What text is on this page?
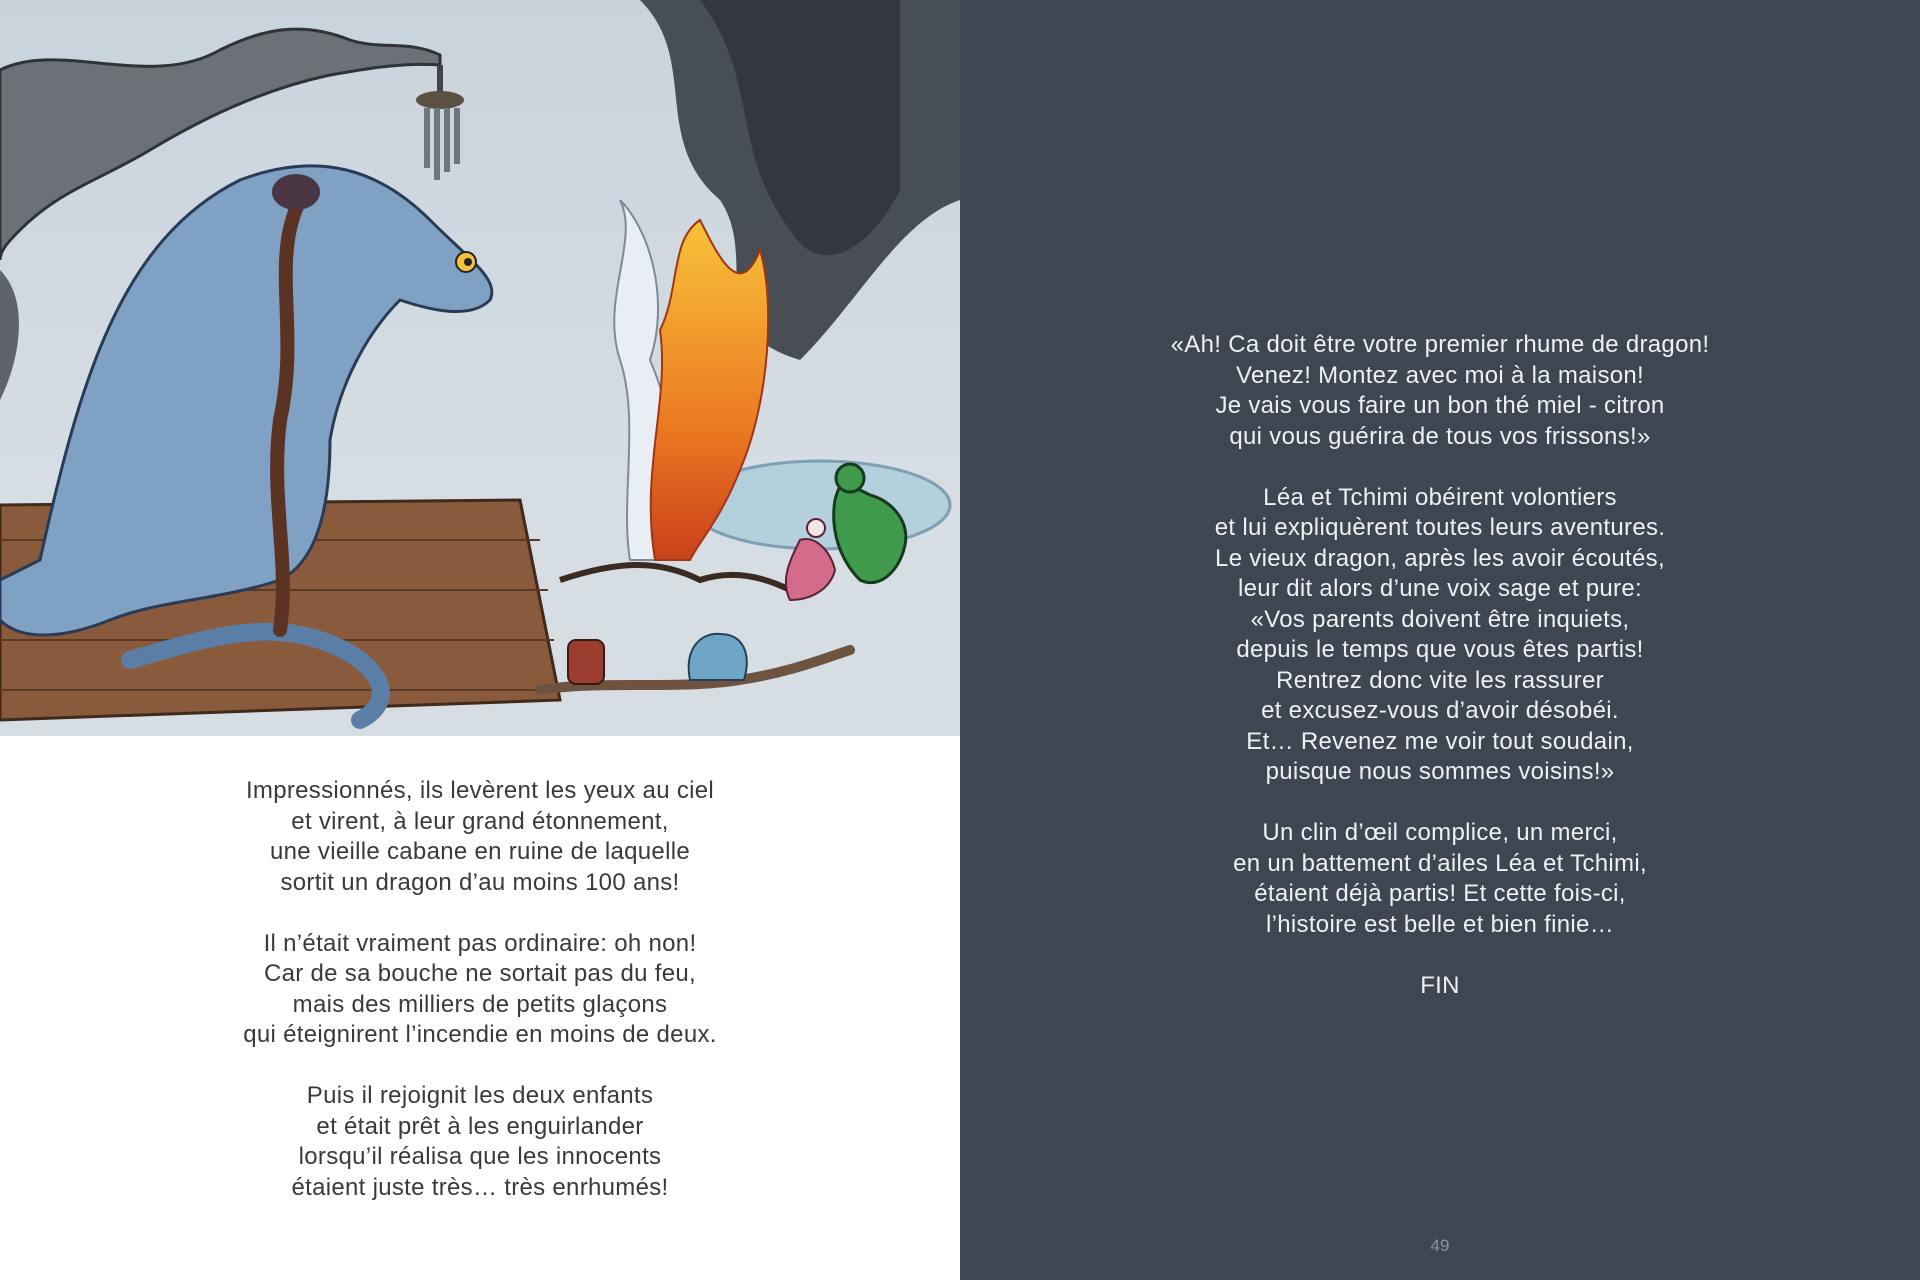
Impressionnés, ils levèrent les yeux au ciel
et virent, à leur grand étonnement,
une vieille cabane en ruine de laquelle
sortit un dragon d’au moins 100 ans!
Il n’était vraiment pas ordinaire: oh non!
Car de sa bouche ne sortait pas du feu,
mais des milliers de petits glaçons
qui éteignirent l’incendie en moins de deux.
Puis il rejoignit les deux enfants
et était prêt à les enguirlander
lorsqu’il réalisa que les innocents
étaient juste très… très enrhumés!
«Ah! Ca doit être votre premier rhume de dragon!
Venez! Montez avec moi à la maison!
Je vais vous faire un bon thé miel - citron
qui vous guérira de tous vos frissons!»
Léa et Tchimi obéirent volontiers
et lui expliquèrent toutes leurs aventures.
Le vieux dragon, après les avoir écoutés,
leur dit alors d’une voix sage et pure:
«Vos parents doivent être inquiets,
depuis le temps que vous êtes partis!
Rentrez donc vite les rassurer
et excusez-vous d’avoir désobéi.
Et… Revenez me voir tout soudain,
puisque nous sommes voisins!»
Un clin d’œil complice, un merci,
en un battement d’ailes Léa et Tchimi,
étaient déjà partis! Et cette fois-ci,
l’histoire est belle et bien finie…
FIN
49
